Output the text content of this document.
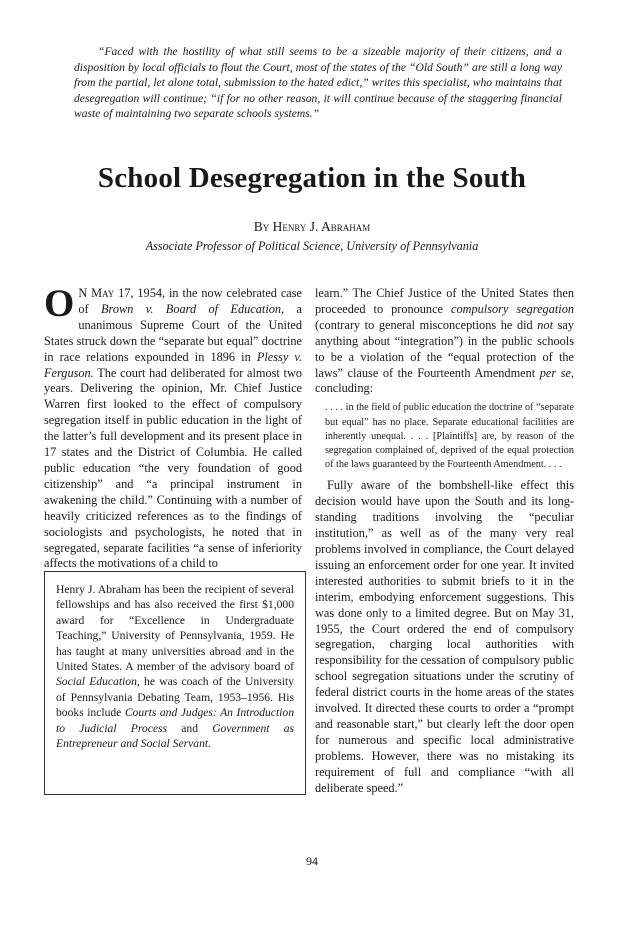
“Faced with the hostility of what still seems to be a sizeable majority of their citizens, and a disposition by local officials to flout the Court, most of the states of the “Old South” are still a long way from the partial, let alone total, submission to the hated edict,” writes this specialist, who maintains that desegregation will continue; “if for no other reason, it will continue because of the staggering financial waste of maintaining two separate schools systems.”

School Desegregation in the South

By Henry J. Abraham

Associate Professor of Political Science, University of Pennsylvania

O N May 17, 1954, in the now celebrated case of Brown v. Board of Education, a unanimous Supreme Court of the United States struck down the “separate but equal” doctrine in race relations expounded in 1896 in Plessy v. Ferguson. The court had deliberated for almost two years. Delivering the opinion, Mr. Chief Justice Warren first looked to the effect of compulsory segregation itself in public education in the light of the latter’s full development and its present place in 17 states and the District of Columbia. He called public education “the very foundation of good citizenship” and “a principal instrument in awakening the child.” Continuing with a number of heavily criticized references as to the findings of sociologists and psychologists, he noted that in segregated, separate facilities “a sense of inferiority affects the motivations of a child to

Henry J. Abraham has been the recipient of several fellowships and has also received the first $1,000 award for “Excellence in Undergraduate Teaching,” University of Pennsylvania, 1959. He has taught at many universities abroad and in the United States. A member of the advisory board of Social Education, he was coach of the University of Pennsylvania Debating Team, 1953–1956. His books include Courts and Judges: An Introduction to Judicial Process and Government as Entrepreneur and Social Servant.

learn.” The Chief Justice of the United States then proceeded to pronounce compulsory segregation (contrary to general misconceptions he did not say anything about “integration”) in the public schools to be a violation of the “equal protection of the laws” clause of the Fourteenth Amendment per se, concluding:

. . . . in the field of public education the doctrine of “separate but equal” has no place. Separate educational facilities are inherently unequal. . . . [Plaintiffs] are, by reason of the segregation complained of, deprived of the equal protection of the laws guaranteed by the Fourteenth Amendment. . . .

Fully aware of the bombshell-like effect this decision would have upon the South and its long-standing traditions involving the “peculiar institution,” as well as of the many very real problems involved in compliance, the Court delayed issuing an enforcement order for one year. It invited interested authorities to submit briefs to it in the interim, embodying enforcement suggestions. This was done only to a limited degree. But on May 31, 1955, the Court ordered the end of compulsory segregation, charging local authorities with responsibility for the cessation of compulsory public school segregation situations under the scrutiny of federal district courts in the home areas of the states involved. It directed these courts to order a “prompt and reasonable start,” but clearly left the door open for numerous and specific local administrative problems. However, there was no mistaking its requirement of full and compliance “with all deliberate speed.”

94
